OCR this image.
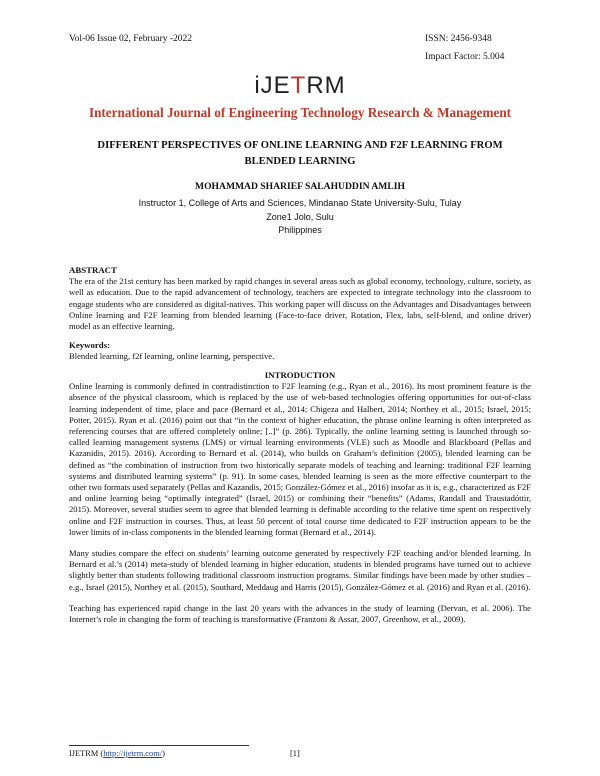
Vol-06 Issue 02, February -2022	ISSN: 2456-9348
Impact Factor: 5.004
iJETRM
International Journal of Engineering Technology Research & Management
DIFFERENT PERSPECTIVES OF ONLINE LEARNING AND F2F LEARNING FROM
BLENDED LEARNING
MOHAMMAD SHARIEF SALAHUDDIN AMLIH
Instructor 1, College of Arts and Sciences, Mindanao State University-Sulu, Tulay Zone1 Jolo, Sulu
Philippines
ABSTRACT
The era of the 21st century has been marked by rapid changes in several areas such as global economy, technology, culture, society, as well as education. Due to the rapid advancement of technology, teachers are expected to integrate technology into the classroom to engage students who are considered as digital-natives. This working paper will discuss on the Advantages and Disadvantages between Online learning and F2F learning from blended learning (Face-to-face driver, Rotation, Flex, labs, self-blend, and online driver) model as an effective learning.
Keywords:
Blended learning, f2f learning, online learning, perspective.
INTRODUCTION
Online learning is commonly defined in contradistinction to F2F learning (e.g., Ryan et al., 2016). Its most prominent feature is the absence of the physical classroom, which is replaced by the use of web-based technologies offering opportunities for out-of-class learning independent of time, place and pace (Bernard et al., 2014; Chigeza and Halbert, 2014; Northey et al., 2015; Israel, 2015; Potter, 2015). Ryan et al. (2016) point out that “in the context of higher education, the phrase online learning is often interpreted as referencing courses that are offered completely online; [..]” (p. 286). Typically, the online learning setting is launched through so-called learning management systems (LMS) or virtual learning environments (VLE) such as Moodle and Blackboard (Pellas and Kazanidis, 2015). 2016). According to Bernard et al. (2014), who builds on Graham’s definition (2005), blended learning can be defined as “the combination of instruction from two historically separate models of teaching and learning: traditional F2F learning systems and distributed learning systems” (p. 91). In some cases, blended learning is seen as the more effective counterpart to the other two formats used separately (Pellas and Kazandis, 2015; González-Gómez et al., 2016) insofar as it is, e.g., characterized as F2F and online learning being “optimally integrated” (Israel, 2015) or combining their “benefits” (Adams, Randall and Traustadóttir, 2015). Moreover, several studies seem to agree that blended learning is definable according to the relative time spent on respectively online and F2F instruction in courses. Thus, at least 50 percent of total course time dedicated to F2F instruction appears to be the lower limits of in-class components in the blended learning format (Bernard et al., 2014).
Many studies compare the effect on students’ learning outcome generated by respectively F2F teaching and/or blended learning. In Bernard et al.’s (2014) meta-study of blended learning in higher education, students in blended programs have turned out to achieve slightly better than students following traditional classroom instruction programs. Similar findings have been made by other studies – e.g., Israel (2015), Northey et al. (2015), Southard, Meddaug and Harris (2015), González-Gómez et al. (2016) and Ryan et al. (2016).
Teaching has experienced rapid change in the last 20 years with the advances in the study of learning (Dervan, et al. 2006). The Internet’s role in changing the form of teaching is transformative (Franzoni & Assar, 2007, Greenhow, et al., 2009).
IJETRM (http://ijetrm.com/)	[1]
